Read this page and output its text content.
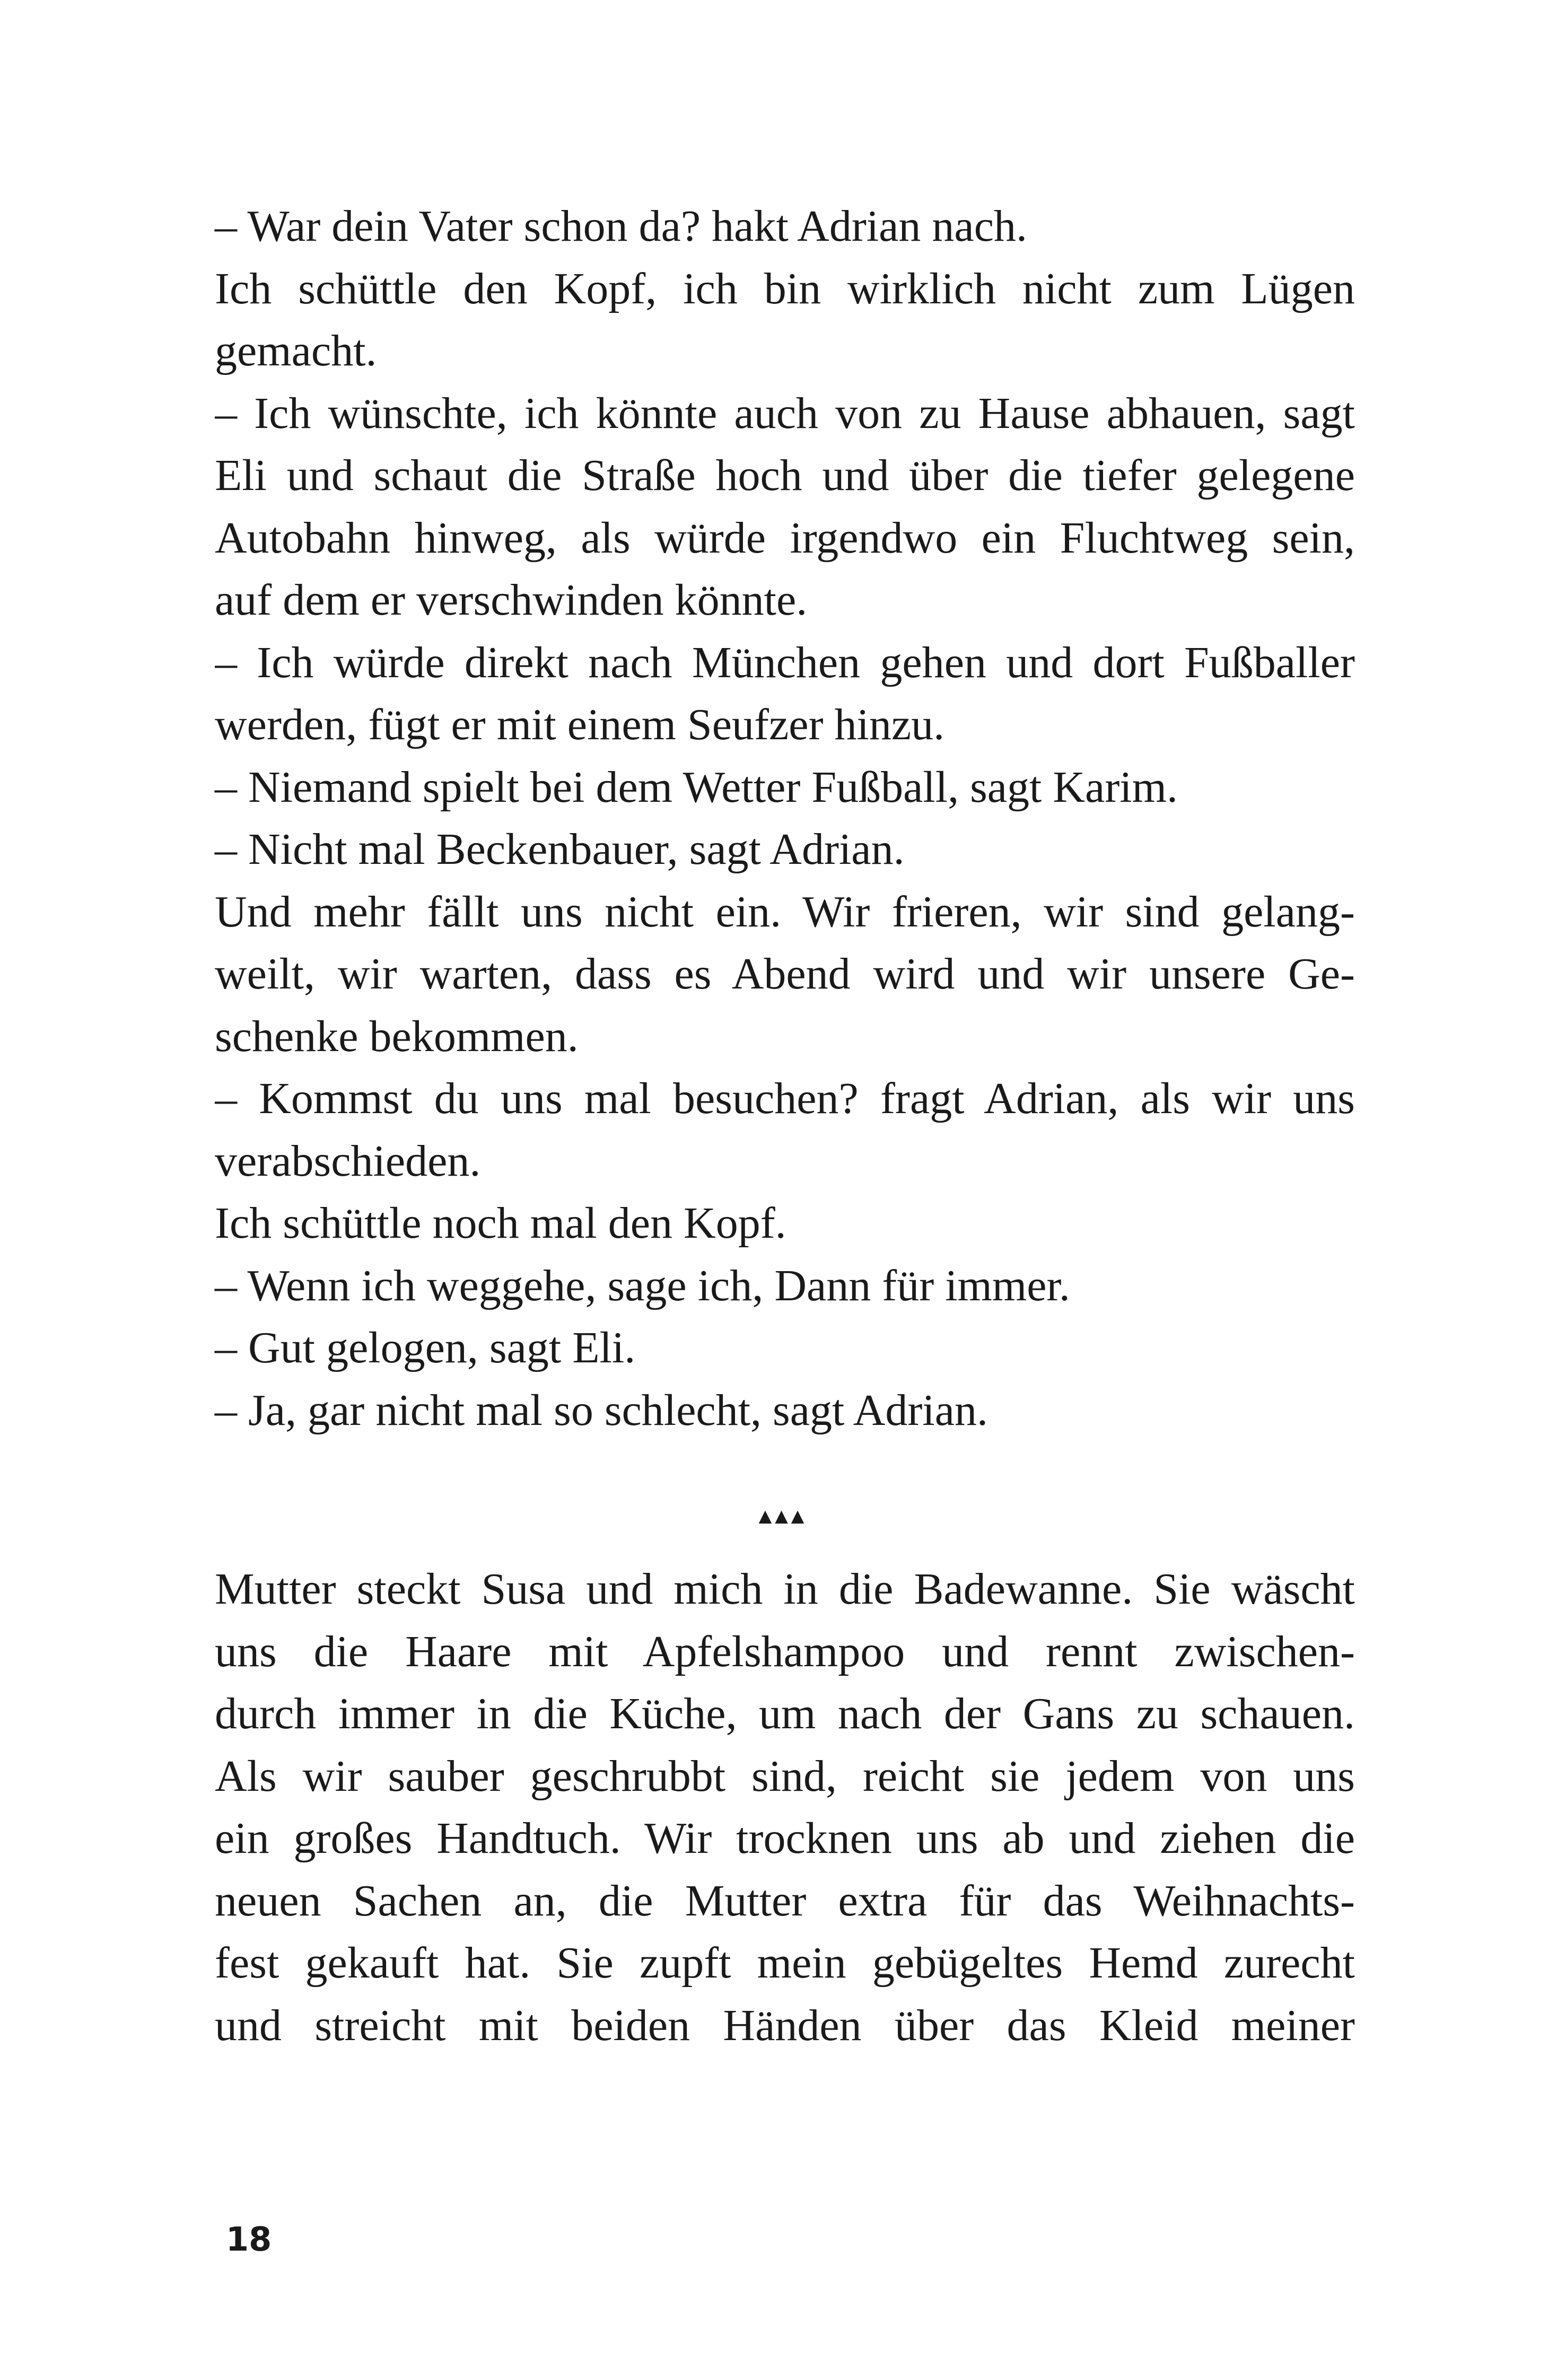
– War dein Vater schon da? hakt Adrian nach.
Ich schüttle den Kopf, ich bin wirklich nicht zum Lügen
gemacht.
– Ich wünschte, ich könnte auch von zu Hause abhauen, sagt
Eli und schaut die Straße hoch und über die tiefer gelegene
Autobahn hinweg, als würde irgendwo ein Fluchtweg sein,
auf dem er verschwinden könnte.
– Ich würde direkt nach München gehen und dort Fußballer
werden, fügt er mit einem Seufzer hinzu.
– Niemand spielt bei dem Wetter Fußball, sagt Karim.
– Nicht mal Beckenbauer, sagt Adrian.
Und mehr fällt uns nicht ein. Wir frieren, wir sind gelang-
weilt, wir warten, dass es Abend wird und wir unsere Ge-
schenke bekommen.
– Kommst du uns mal besuchen? fragt Adrian, als wir uns
verabschieden.
Ich schüttle noch mal den Kopf.
– Wenn ich weggehe, sage ich, Dann für immer.
– Gut gelogen, sagt Eli.
– Ja, gar nicht mal so schlecht, sagt Adrian.
▲▲▲
Mutter steckt Susa und mich in die Badewanne. Sie wäscht
uns die Haare mit Apfelshampoo und rennt zwischen-
durch immer in die Küche, um nach der Gans zu schauen.
Als wir sauber geschrubbt sind, reicht sie jedem von uns
ein großes Handtuch. Wir trocknen uns ab und ziehen die
neuen Sachen an, die Mutter extra für das Weihnachts-
fest gekauft hat. Sie zupft mein gebügeltes Hemd zurecht
und streicht mit beiden Händen über das Kleid meiner
18
